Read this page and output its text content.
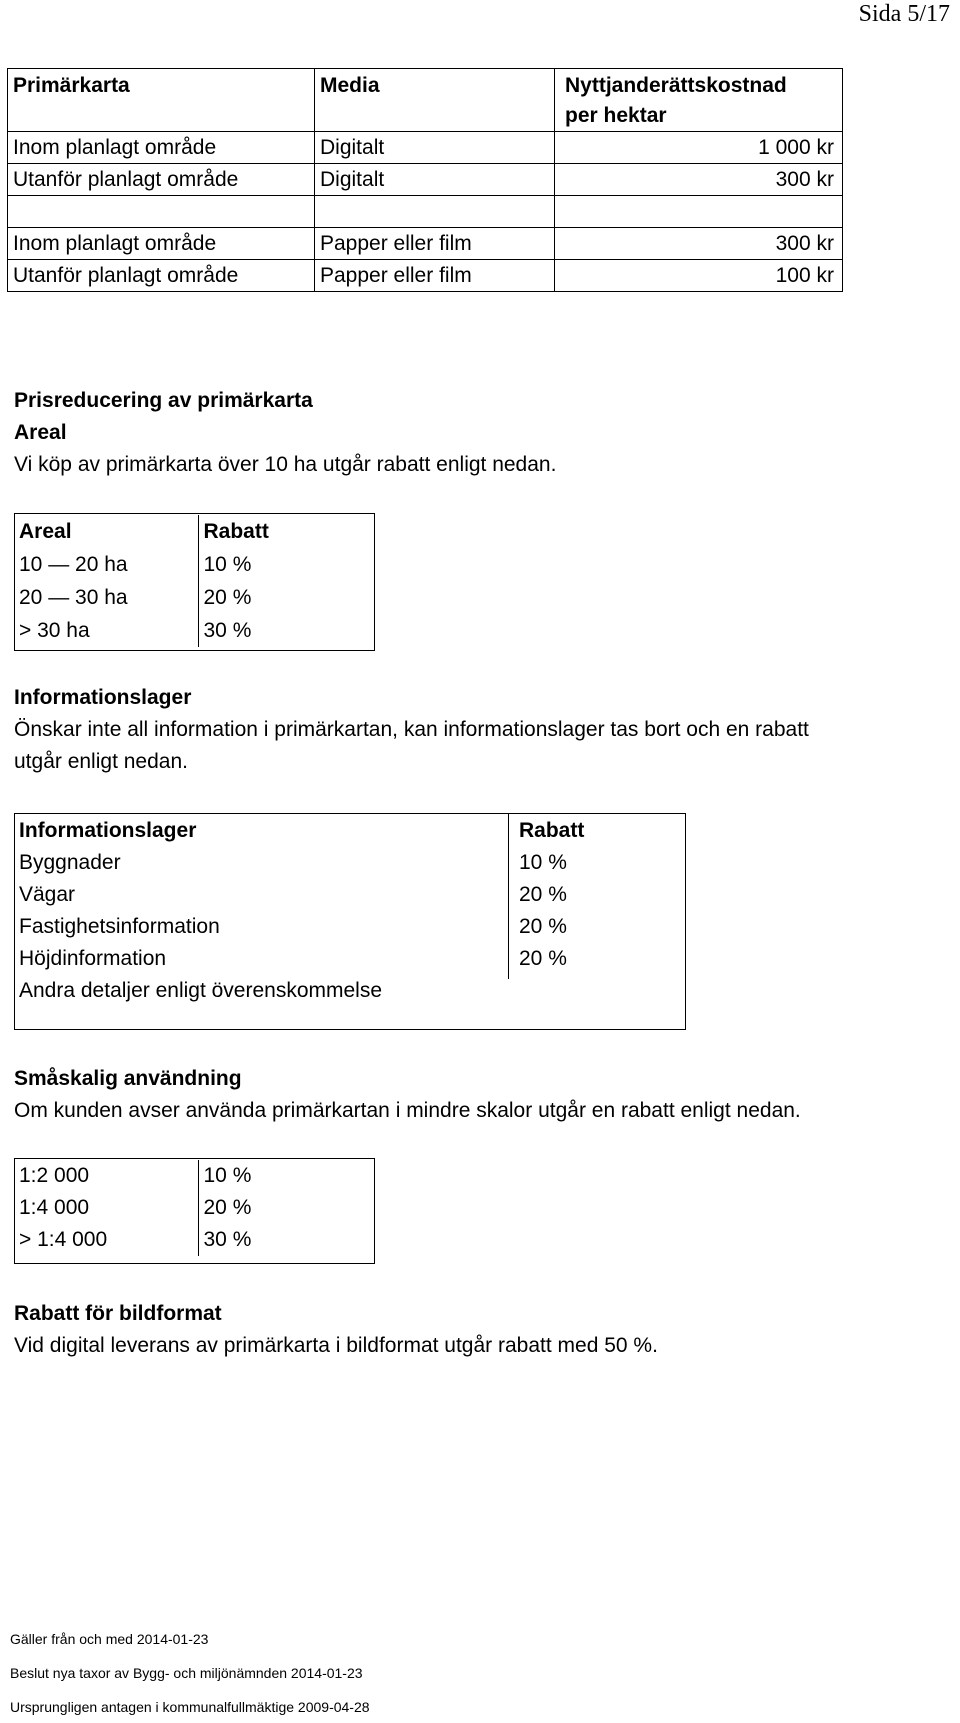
Sida 5/17
Primärkarta	Media	Nyttjanderättskostnad per hektar
Inom planlagt område	Digitalt	1 000 kr
Utanför planlagt område	Digitalt	300 kr

Inom planlagt område	Papper eller film	300 kr
Utanför planlagt område	Papper eller film	100 kr
Prisreducering av primärkarta
Areal
Vi köp av primärkarta över 10 ha utgår rabatt enligt nedan.
Areal	Rabatt
10 — 20 ha	10 %
20 — 30 ha	20 %
> 30 ha	30 %
Informationslager
Önskar inte all information i primärkartan, kan informationslager tas bort och en rabatt
utgår enligt nedan.
Informationslager	Rabatt
Byggnader	10 %
Vägar	20 %
Fastighetsinformation	20 %
Höjdinformation	20 %
Andra detaljer enligt överenskommelse	
Småskalig användning
Om kunden avser använda primärkartan i mindre skalor utgår en rabatt enligt nedan.
1:2 000	10 %
1:4 000	20 %
> 1:4 000	30 %
Rabatt för bildformat
Vid digital leverans av primärkarta i bildformat utgår rabatt med 50 %.
Gäller från och med 2014-01-23
Beslut nya taxor av Bygg- och miljönämnden 2014-01-23
Ursprungligen antagen i kommunalfullmäktige 2009-04-28
